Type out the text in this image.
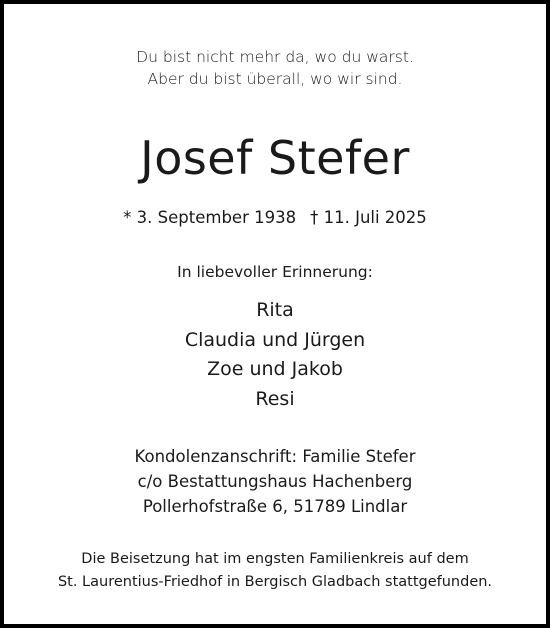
Du bist nicht mehr da, wo du warst.
Aber du bist überall, wo wir sind.
Josef Stefer
* 3. September 1938 † 11. Juli 2025
In liebevoller Erinnerung:
Rita
Claudia und Jürgen
Zoe und Jakob
Resi
Kondolenzanschrift: Familie Stefer
c/o Bestattungshaus Hachenberg
Pollerhofstraße 6, 51789 Lindlar
Die Beisetzung hat im engsten Familienkreis auf dem
St. Laurentius-Friedhof in Bergisch Gladbach stattgefunden.
